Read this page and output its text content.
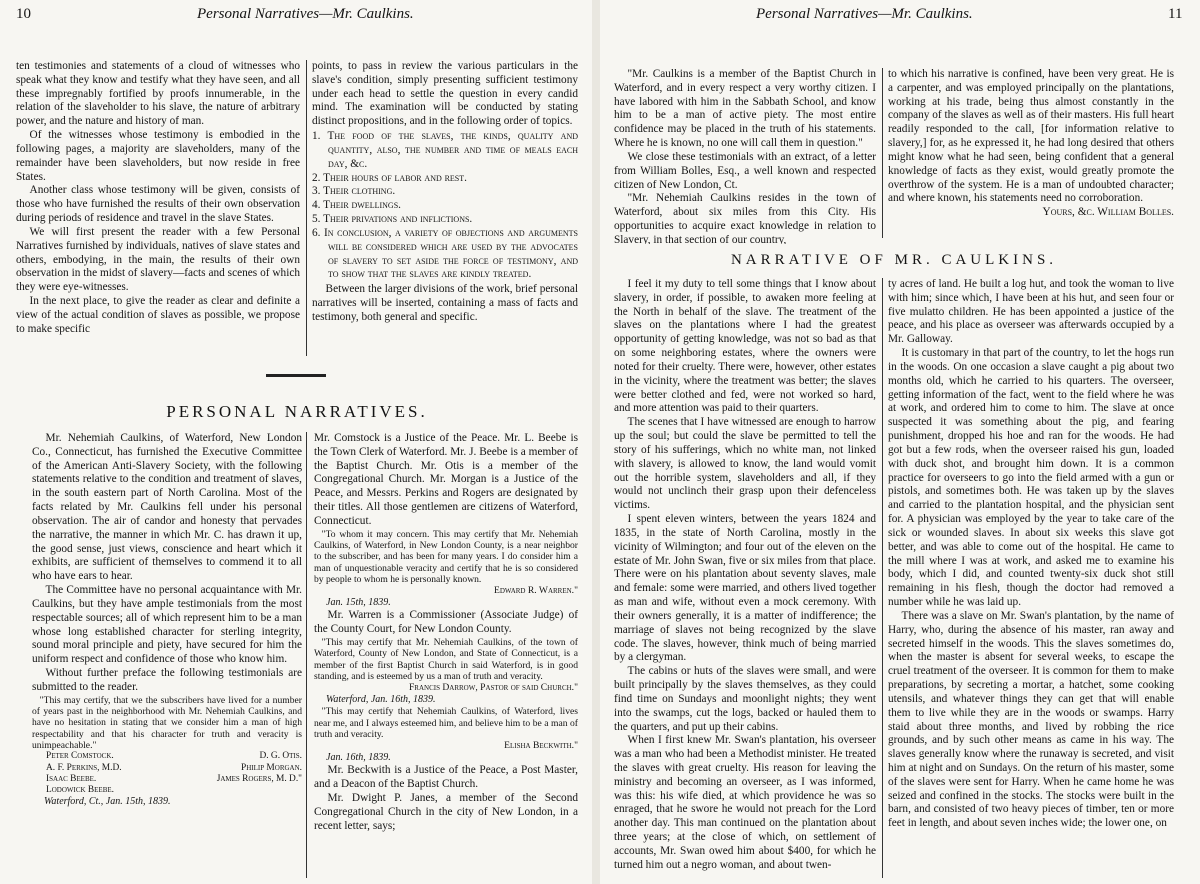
10	Personal Narratives—Mr. Caulkins.

ten testimonies and statements of a cloud of witnesses who speak what they know and testify what they have seen, and all these impregnably fortified by proofs innumerable, in the relation of the slaveholder to his slave, the nature of arbitrary power, and the nature and history of man.

Of the witnesses whose testimony is embodied in the following pages, a majority are slaveholders, many of the remainder have been slaveholders, but now reside in free States.

Another class whose testimony will be given, consists of those who have furnished the results of their own observation during periods of residence and travel in the slave States.

We will first present the reader with a few Personal Narratives furnished by individuals, natives of slave states and others, embodying, in the main, the results of their own observation in the midst of slavery—facts and scenes of which they were eye-witnesses.

In the next place, to give the reader as clear and definite a view of the actual condition of slaves as possible, we propose to make specific

points, to pass in review the various particulars in the slave's condition, simply presenting sufficient testimony under each head to settle the question in every candid mind. The examination will be conducted by stating distinct propositions, and in the following order of topics.

1. The food of the slaves, the kinds, quality and quantity, also, the number and time of meals each day, &c.
2. Their hours of labor and rest.
3. Their clothing.
4. Their dwellings.
5. Their privations and inflictions.
6. In conclusion, a variety of objections and arguments will be considered which are used by the advocates of slavery to set aside the force of testimony, and to show that the slaves are kindly treated.

Between the larger divisions of the work, brief personal narratives will be inserted, containing a mass of facts and testimony, both general and specific.

PERSONAL NARRATIVES.

Mr. Nehemiah Caulkins, of Waterford, New London Co., Connecticut, has furnished the Executive Committee of the American Anti-Slavery Society, with the following statements relative to the condition and treatment of slaves, in the south eastern part of North Carolina. Most of the facts related by Mr. Caulkins fell under his personal observation. The air of candor and honesty that pervades the narrative, the manner in which Mr. C. has drawn it up, the good sense, just views, conscience and heart which it exhibits, are sufficient of themselves to commend it to all who have ears to hear.

The Committee have no personal acquaintance with Mr. Caulkins, but they have ample testimonials from the most respectable sources; all of which represent him to be a man whose long established character for sterling integrity, sound moral principle and piety, have secured for him the uniform respect and confidence of those who know him.

Without further preface the following testimonials are submitted to the reader.

"This may certify, that we the subscribers have lived for a number of years past in the neighborhood with Mr. Nehemiah Caulkins, and have no hesitation in stating that we consider him a man of high respectability and that his character for truth and veracity is unimpeachable."

Peter Comstock.	D. G. Otis.
A. F. Perkins, M.D.	Philip Morgan.
Isaac Beebe.	James Rogers, M. D."
Lodowick Beebe.
Waterford, Ct., Jan. 15th, 1839.

Mr. Comstock is a Justice of the Peace. Mr. L. Beebe is the Town Clerk of Waterford. Mr. J. Beebe is a member of the Baptist Church. Mr. Otis is a member of the Congregational Church. Mr. Morgan is a Justice of the Peace, and Messrs. Perkins and Rogers are designated by their titles. All those gentlemen are citizens of Waterford, Connecticut.

"To whom it may concern. This may certify that Mr. Nehemiah Caulkins, of Waterford, in New London County, is a near neighbor to the subscriber, and has been for many years. I do consider him a man of unquestionable veracity and certify that he is so considered by people to whom he is personally known.

Edward R. Warren."
Jan. 15th, 1839.

Mr. Warren is a Commissioner (Associate Judge) of the County Court, for New London County.

"This may certify that Mr. Nehemiah Caulkins, of the town of Waterford, County of New London, and State of Connecticut, is a member of the first Baptist Church in said Waterford, is in good standing, and is esteemed by us a man of truth and veracity.

Francis Darrow, Pastor of said Church."
Waterford, Jan. 16th, 1839.

"This may certify that Nehemiah Caulkins, of Waterford, lives near me, and I always esteemed him, and believe him to be a man of truth and veracity.

Elisha Beckwith."
Jan. 16th, 1839.

Mr. Beckwith is a Justice of the Peace, a Post Master, and a Deacon of the Baptist Church.

Mr. Dwight P. Janes, a member of the Second Congregational Church in the city of New London, in a recent letter, says;

Personal Narratives—Mr. Caulkins.	11

"Mr. Caulkins is a member of the Baptist Church in Waterford, and in every respect a very worthy citizen. I have labored with him in the Sabbath School, and know him to be a man of active piety. The most entire confidence may be placed in the truth of his statements. Where he is known, no one will call them in question."

We close these testimonials with an extract, of a letter from William Bolles, Esq., a well known and respected citizen of New London, Ct.

"Mr. Nehemiah Caulkins resides in the town of Waterford, about six miles from this City. His opportunities to acquire exact knowledge in relation to Slavery, in that section of our country,

to which his narrative is confined, have been very great. He is a carpenter, and was employed principally on the plantations, working at his trade, being thus almost constantly in the company of the slaves as well as of their masters. His full heart readily responded to the call, [for information relative to slavery,] for, as he expressed it, he had long desired that others might know what he had seen, being confident that a general knowledge of facts as they exist, would greatly promote the overthrow of the system. He is a man of undoubted character; and where known, his statements need no corroboration.

Yours, &c. William Bolles.
NARRATIVE OF MR. CAULKINS.

I feel it my duty to tell some things that I know about slavery, in order, if possible, to awaken more feeling at the North in behalf of the slave. The treatment of the slaves on the plantations where I had the greatest opportunity of getting knowledge, was not so bad as that on some neighboring estates, where the owners were noted for their cruelty. There were, however, other estates in the vicinity, where the treatment was better; the slaves were better clothed and fed, were not worked so hard, and more attention was paid to their quarters.

The scenes that I have witnessed are enough to harrow up the soul; but could the slave be permitted to tell the story of his sufferings, which no white man, not linked with slavery, is allowed to know, the land would vomit out the horrible system, slaveholders and all, if they would not unclinch their grasp upon their defenceless victims.

I spent eleven winters, between the years 1824 and 1835, in the state of North Carolina, mostly in the vicinity of Wilmington; and four out of the eleven on the estate of Mr. John Swan, five or six miles from that place. There were on his plantation about seventy slaves, male and female: some were married, and others lived together as man and wife, without even a mock ceremony. With their owners generally, it is a matter of indifference; the marriage of slaves not being recognized by the slave code. The slaves, however, think much of being married by a clergyman.

The cabins or huts of the slaves were small, and were built principally by the slaves themselves, as they could find time on Sundays and moonlight nights; they went into the swamps, cut the logs, backed or hauled them to the quarters, and put up their cabins.

When I first knew Mr. Swan's plantation, his overseer was a man who had been a Methodist minister. He treated the slaves with great cruelty. His reason for leaving the ministry and becoming an overseer, as I was informed, was this: his wife died, at which providence he was so enraged, that he swore he would not preach for the Lord another day. This man continued on the plantation about three years; at the close of which, on settlement of accounts, Mr. Swan owed him about $400, for which he turned him out a negro woman, and about twen-

ty acres of land. He built a log hut, and took the woman to live with him; since which, I have been at his hut, and seen four or five mulatto children. He has been appointed a justice of the peace, and his place as overseer was afterwards occupied by a Mr. Galloway.

It is customary in that part of the country, to let the hogs run in the woods. On one occasion a slave caught a pig about two months old, which he carried to his quarters. The overseer, getting information of the fact, went to the field where he was at work, and ordered him to come to him. The slave at once suspected it was something about the pig, and fearing punishment, dropped his hoe and ran for the woods. He had got but a few rods, when the overseer raised his gun, loaded with duck shot, and brought him down. It is a common practice for overseers to go into the field armed with a gun or pistols, and sometimes both. He was taken up by the slaves and carried to the plantation hospital, and the physician sent for. A physician was employed by the year to take care of the sick or wounded slaves. In about six weeks this slave got better, and was able to come out of the hospital. He came to the mill where I was at work, and asked me to examine his body, which I did, and counted twenty-six duck shot still remaining in his flesh, though the doctor had removed a number while he was laid up.

There was a slave on Mr. Swan's plantation, by the name of Harry, who, during the absence of his master, ran away and secreted himself in the woods. This the slaves sometimes do, when the master is absent for several weeks, to escape the cruel treatment of the overseer. It is common for them to make preparations, by secreting a mortar, a hatchet, some cooking utensils, and whatever things they can get that will enable them to live while they are in the woods or swamps. Harry staid about three months, and lived by robbing the rice grounds, and by such other means as came in his way. The slaves generally know where the runaway is secreted, and visit him at night and on Sundays. On the return of his master, some of the slaves were sent for Harry. When he came home he was seized and confined in the stocks. The stocks were built in the barn, and consisted of two heavy pieces of timber, ten or more feet in length, and about seven inches wide; the lower one, on
